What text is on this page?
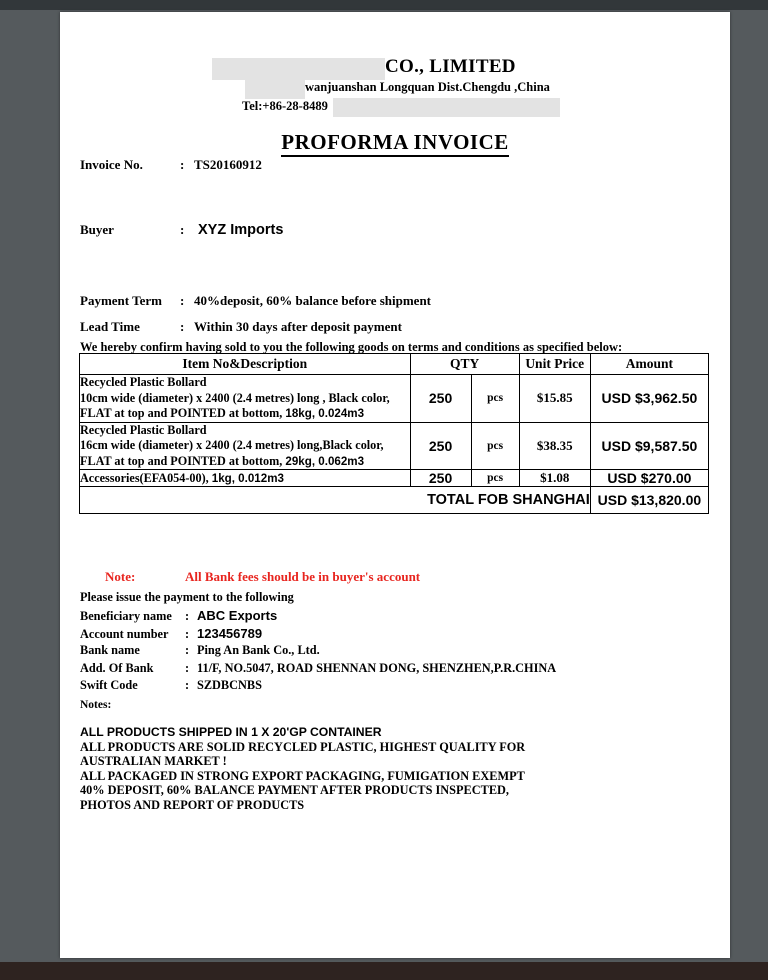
CO., LIMITED
wanjuanshan Longquan Dist.Chengdu ,China
Tel:+86-28-8489
PROFORMA INVOICE
Invoice No.	: TS20160912
Buyer	: XYZ Imports
Payment Term : 40%deposit, 60% balance before shipment
Lead Time	: Within 30 days after deposit payment
We hereby confirm having sold to you the following goods on terms and conditions as specified below:
Item No&Description	QTY		Unit Price	Amount
Recycled Plastic Bollard
10cm wide (diameter) x 2400 (2.4 metres) long , Black color,
FLAT at top and POINTED at bottom, 18kg, 0.024m3	250	pcs	$15.85	USD $3,962.50
Recycled Plastic Bollard
16cm wide (diameter) x 2400 (2.4 metres) long,Black color,
FLAT at top and POINTED at bottom, 29kg, 0.062m3	250	pcs	$38.35	USD $9,587.50
Accessories(EFA054-00), 1kg, 0.012m3	250	pcs	$1.08	USD $270.00
TOTAL FOB SHANGHAI				USD $13,820.00
Note:	All Bank fees should be in buyer's account
Please issue the payment to the following
Beneficiary name : ABC Exports
Account number : 123456789
Bank name	: Ping An Bank Co., Ltd.
Add. Of Bank	: 11/F, NO.5047, ROAD SHENNAN DONG, SHENZHEN,P.R.CHINA
Swift Code	: SZDBCNBS
Notes:
ALL PRODUCTS SHIPPED IN 1 X 20'GP CONTAINER
ALL PRODUCTS ARE SOLID RECYCLED PLASTIC, HIGHEST QUALITY FOR
AUSTRALIAN MARKET !
ALL PACKAGED IN STRONG EXPORT PACKAGING, FUMIGATION EXEMPT
40% DEPOSIT, 60% BALANCE PAYMENT AFTER PRODUCTS INSPECTED,
PHOTOS AND REPORT OF PRODUCTS
